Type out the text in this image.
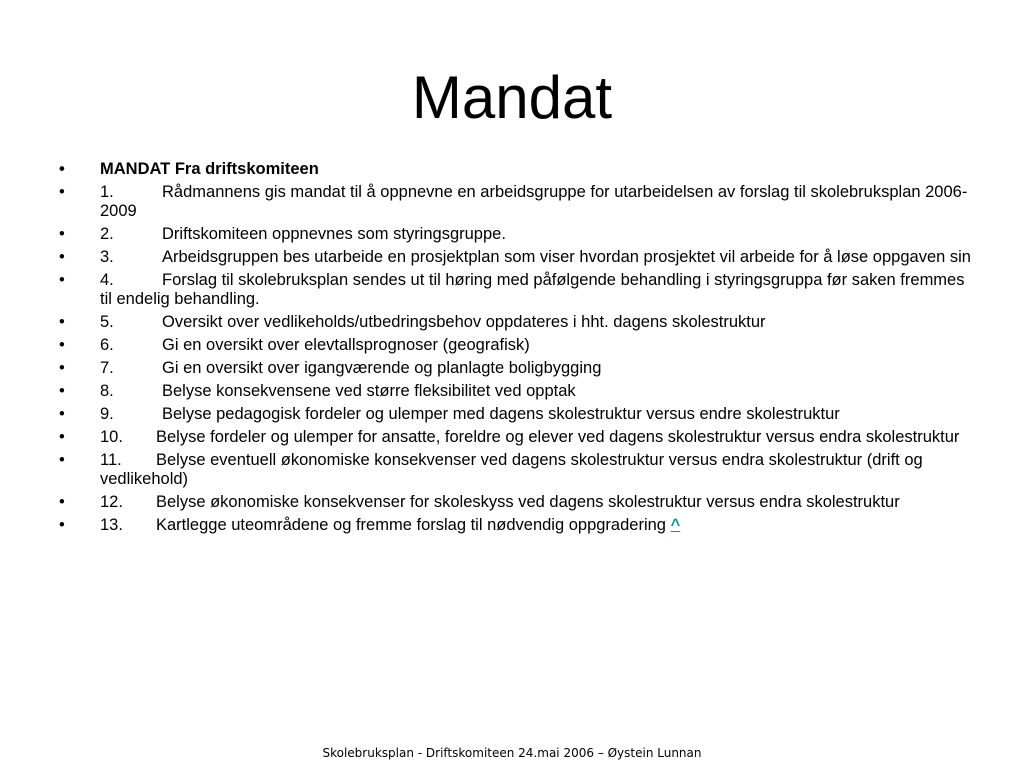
Mandat
• MANDAT Fra driftskomiteen
• 1.	Rådmannens gis mandat til å oppnevne en arbeidsgruppe for utarbeidelsen av forslag til skolebruksplan 2006-2009
• 2.	Driftskomiteen oppnevnes som styringsgruppe.
• 3.	Arbeidsgruppen bes utarbeide en prosjektplan som viser hvordan prosjektet vil arbeide for å løse oppgaven sin
• 4.	Forslag til skolebruksplan sendes ut til høring med påfølgende behandling i styringsgruppa før saken fremmes til endelig behandling.
• 5.	Oversikt over vedlikeholds/utbedringsbehov oppdateres i hht. dagens skolestruktur
• 6.	Gi en oversikt over elevtallsprognoser (geografisk)
• 7.	Gi en oversikt over igangværende og planlagte boligbygging
• 8.	Belyse konsekvensene ved større fleksibilitet ved opptak
• 9.	Belyse pedagogisk fordeler og ulemper med dagens skolestruktur versus endre skolestruktur
• 10. Belyse fordeler og ulemper for ansatte, foreldre og elever ved dagens skolestruktur versus endra skolestruktur
• 11. Belyse eventuell økonomiske konsekvenser ved dagens skolestruktur versus endra skolestruktur (drift og vedlikehold)
• 12. Belyse økonomiske konsekvenser for skoleskyss ved dagens skolestruktur versus endra skolestruktur
• 13. Kartlegge uteområdene og fremme forslag til nødvendig oppgradering ^
Skolebruksplan - Driftskomiteen 24.mai 2006 – Øystein Lunnan
